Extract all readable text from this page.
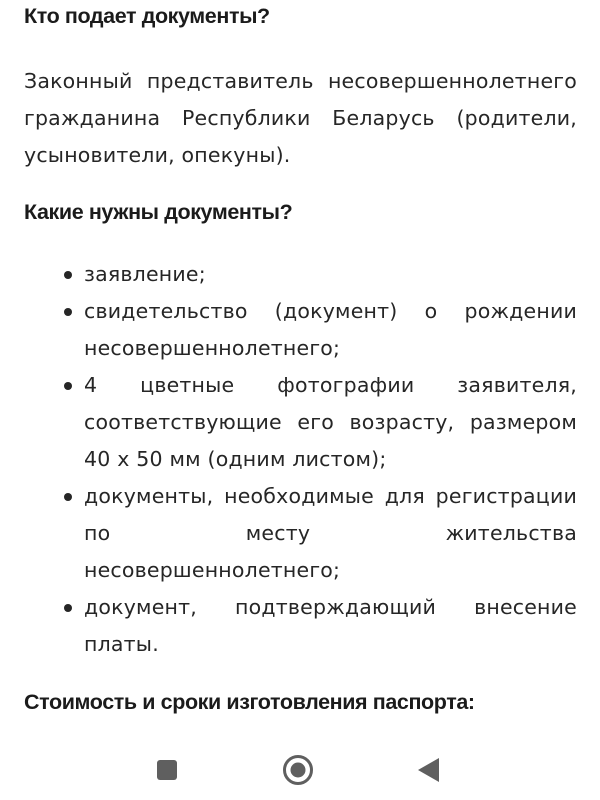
Кто подает документы?

Законный представитель несовершеннолетнего гражданина Республики Беларусь (родители, усыновители, опекуны).

Какие нужны документы?
заявление;
свидетельство (документ) о рождении несовершеннолетнего;
4 цветные фотографии заявителя, соответствующие его возрасту, размером 40 х 50 мм (одним листом);
документы, необходимые для регистрации по месту жительства несовершеннолетнего;
документ, подтверждающий внесение платы.
Стоимость и сроки изготовления паспорта:
